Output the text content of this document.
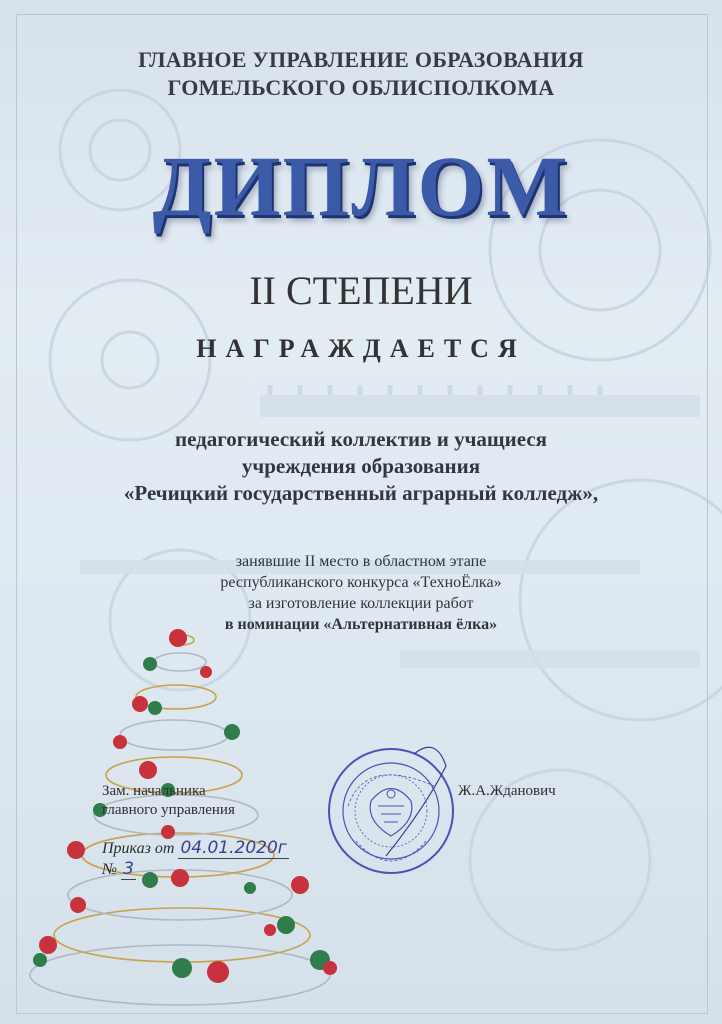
ГЛАВНОЕ УПРАВЛЕНИЕ ОБРАЗОВАНИЯ
ГОМЕЛЬСКОГО ОБЛИСПОЛКОМА
ДИПЛОМ
II СТЕПЕНИ
НАГРАЖДАЕТСЯ
педагогический коллектив и учащиеся
учреждения образования
«Речицкий государственный аграрный колледж»,
занявшие II место в областном этапе
республиканского конкурса «ТехноЁлка»
за изготовление коллекции работ
в номинации «Альтернативная ёлка»
Зам. начальника
главного управления
Ж.А.Жданович
Приказ от 04.01.2020г
№ 3
